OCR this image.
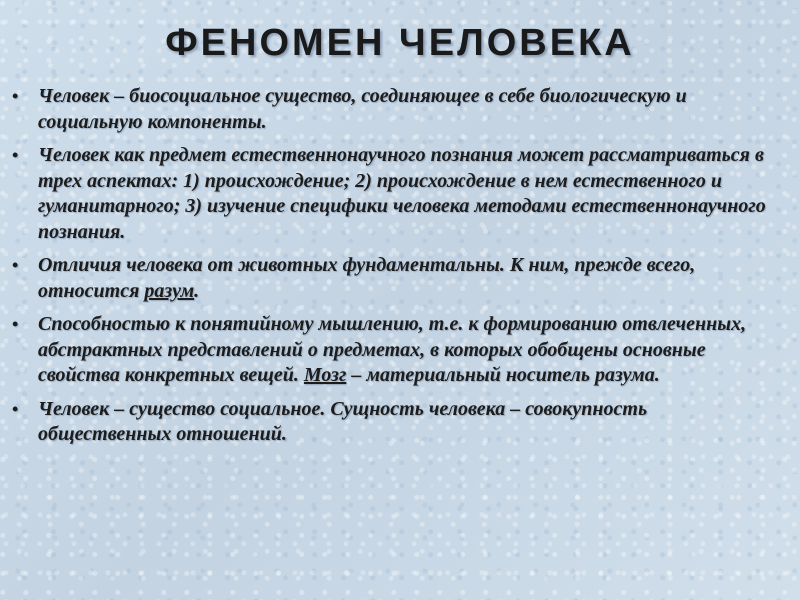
ФЕНОМЕН ЧЕЛОВЕКА
• Человек – биосоциальное существо, соединяющее в себе биологическую и социальную компоненты.
• Человек как предмет естественнонаучного познания может рассматриваться в трех аспектах: 1) происхождение; 2) происхождение в нем естественного и гуманитарного; 3) изучение специфики человека методами естественнонаучного познания.
• Отличия человека от животных фундаментальны. К ним, прежде всего, относится разум.
• Способностью к понятийному мышлению, т.е. к формированию отвлеченных, абстрактных представлений о предметах, в которых обобщены основные свойства конкретных вещей. Мозг – материальный носитель разума.
• Человек – существо социальное. Сущность человека – совокупность общественных отношений.
